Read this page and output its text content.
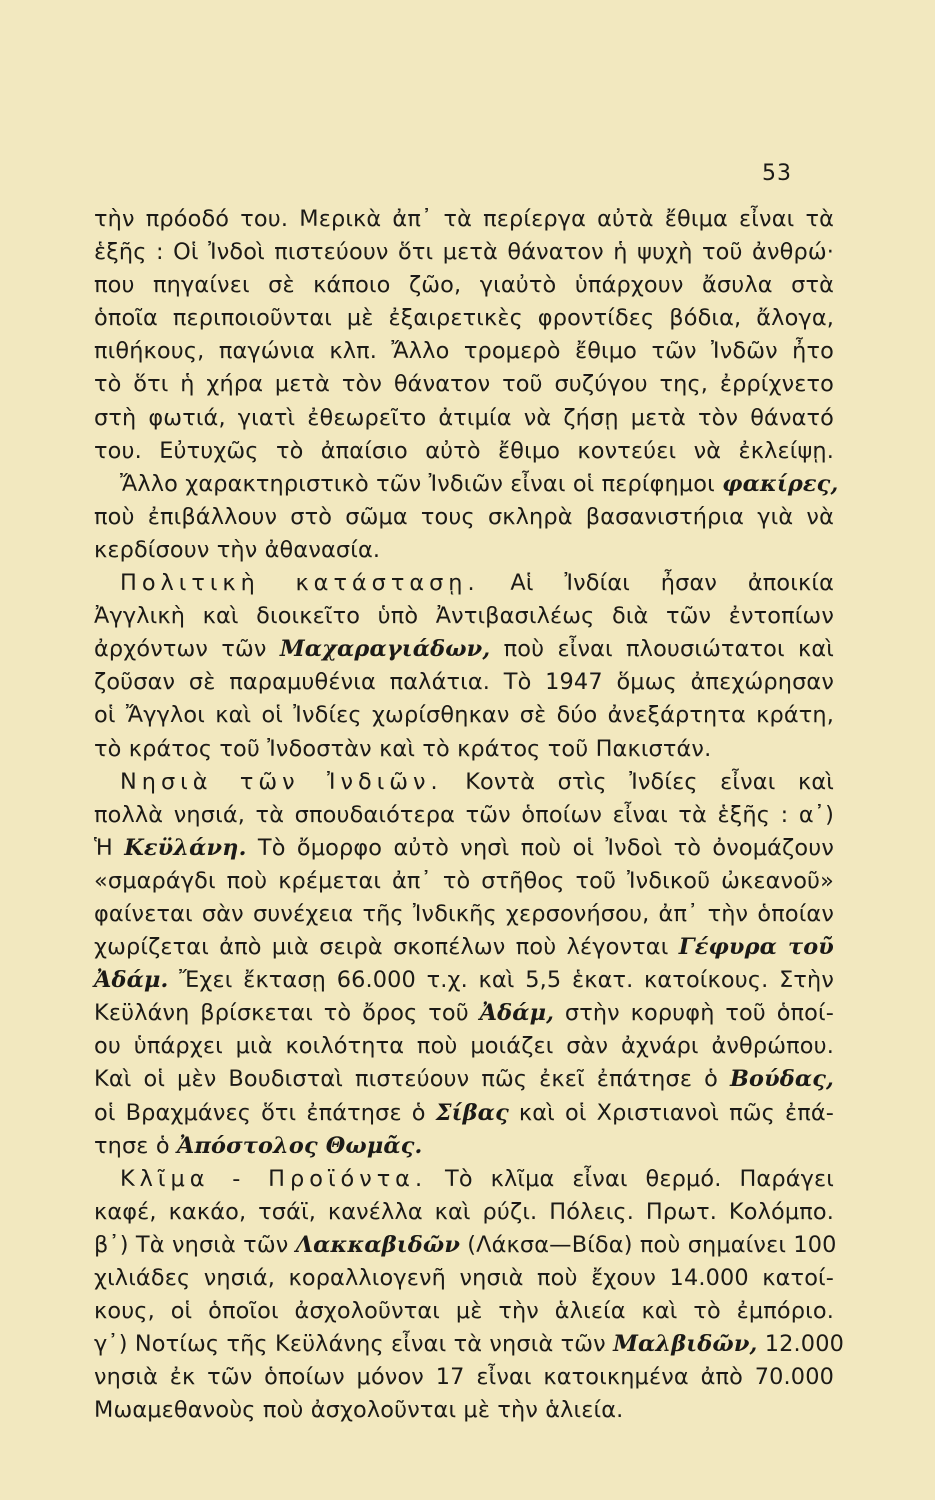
53
τὴν πρόοδό του. Μερικὰ ἀπ᾿ τὰ περίεργα αὐτὰ ἔθιμα εἶναι τὰ
ἑξῆς : Οἱ Ἰνδοὶ πιστεύουν ὅτι μετὰ θάνατον ἡ ψυχὴ τοῦ ἀνθρώ·
που πηγαίνει σὲ κάποιο ζῶο, γιαὐτὸ ὑπάρχουν ἄσυλα στὰ
ὁποῖα περιποιοῦνται μὲ ἐξαιρετικὲς φροντίδες βόδια, ἄλογα,
πιθήκους, παγώνια κλπ. Ἄλλο τρομερὸ ἔθιμο τῶν Ἰνδῶν ἦτο
τὸ ὅτι ἡ χήρα μετὰ τὸν θάνατον τοῦ συζύγου της, ἐρρίχνετο
στὴ φωτιά, γιατὶ ἐθεωρεῖτο ἀτιμία νὰ ζήσῃ μετὰ τὸν θάνατό
του. Εὐτυχῶς τὸ ἀπαίσιο αὐτὸ ἔθιμο κοντεύει νὰ ἐκλείψῃ.
Ἄλλο χαρακτηριστικὸ τῶν Ἰνδιῶν εἶναι οἱ περίφημοι φακίρες,
ποὺ ἐπιβάλλουν στὸ σῶμα τους σκληρὰ βασανιστήρια γιὰ νὰ
κερδίσουν τὴν ἀθανασία.
Πολιτικὴ κατάστασῃ. Αἱ Ἰνδίαι ἦσαν ἀποικία
Ἀγγλικὴ καὶ διοικεῖτο ὑπὸ Ἀντιβασιλέως διὰ τῶν ἐντοπίων
ἀρχόντων τῶν Μαχαραγιάδων, ποὺ εἶναι πλουσιώτατοι καὶ
ζοῦσαν σὲ παραμυθένια παλάτια. Τὸ 1947 ὅμως ἀπεχώρησαν
οἱ Ἄγγλοι καὶ οἱ Ἰνδίες χωρίσθηκαν σὲ δύο ἀνεξάρτητα κράτη,
τὸ κράτος τοῦ Ἰνδοστὰν καὶ τὸ κράτος τοῦ Πακιστάν.
Νησιὰ τῶν Ἰνδιῶν. Κοντὰ στὶς Ἰνδίες εἶναι καὶ
πολλὰ νησιά, τὰ σπουδαιότερα τῶν ὁποίων εἶναι τὰ ἑξῆς : α᾿)
Ἡ Κεϋλάνη. Τὸ ὄμορφο αὐτὸ νησὶ ποὺ οἱ Ἰνδοὶ τὸ ὀνομάζουν
«σμαράγδι ποὺ κρέμεται ἀπ᾿ τὸ στῆθος τοῦ Ἰνδικοῦ ὠκεανοῦ»
φαίνεται σὰν συνέχεια τῆς Ἰνδικῆς χερσονήσου, ἀπ᾿ τὴν ὁποίαν
χωρίζεται ἀπὸ μιὰ σειρὰ σκοπέλων ποὺ λέγονται Γέφυρα τοῦ
Ἀδάμ. Ἔχει ἔκτασῃ 66.000 τ.χ. καὶ 5,5 ἑκατ. κατοίκους. Στὴν
Κεϋλάνη βρίσκεται τὸ ὄρος τοῦ Ἀδάμ, στὴν κορυφὴ τοῦ ὁποί-
ου ὑπάρχει μιὰ κοιλότητα ποὺ μοιάζει σὰν ἀχνάρι ἀνθρώπου.
Καὶ οἱ μὲν Βουδισταὶ πιστεύουν πῶς ἐκεῖ ἐπάτησε ὁ Βούδας,
οἱ Βραχμάνες ὅτι ἐπάτησε ὁ Σίβας καὶ οἱ Χριστιανοὶ πῶς ἐπά-
τησε ὁ Ἀπόστολος Θωμᾶς.
Κλῖμα - Προϊόντα. Τὸ κλῖμα εἶναι θερμό. Παράγει
καφέ, κακάο, τσάϊ, κανέλλα καὶ ρύζι. Πόλεις. Πρωτ. Κολόμπο.
β᾿) Τὰ νησιὰ τῶν Λακκαβιδῶν (Λάκσα—Βίδα) ποὺ σημαίνει 100
χιλιάδες νησιά, κοραλλιογενῆ νησιὰ ποὺ ἔχουν 14.000 κατοί-
κους, οἱ ὁποῖοι ἀσχολοῦνται μὲ τὴν ἁλιεία καὶ τὸ ἐμπόριο.
γ᾿) Νοτίως τῆς Κεϋλάνης εἶναι τὰ νησιὰ τῶν Μαλβιδῶν, 12.000
νησιὰ ἐκ τῶν ὁποίων μόνον 17 εἶναι κατοικημένα ἀπὸ 70.000
Μωαμεθανοὺς ποὺ ἀσχολοῦνται μὲ τὴν ἁλιεία.
